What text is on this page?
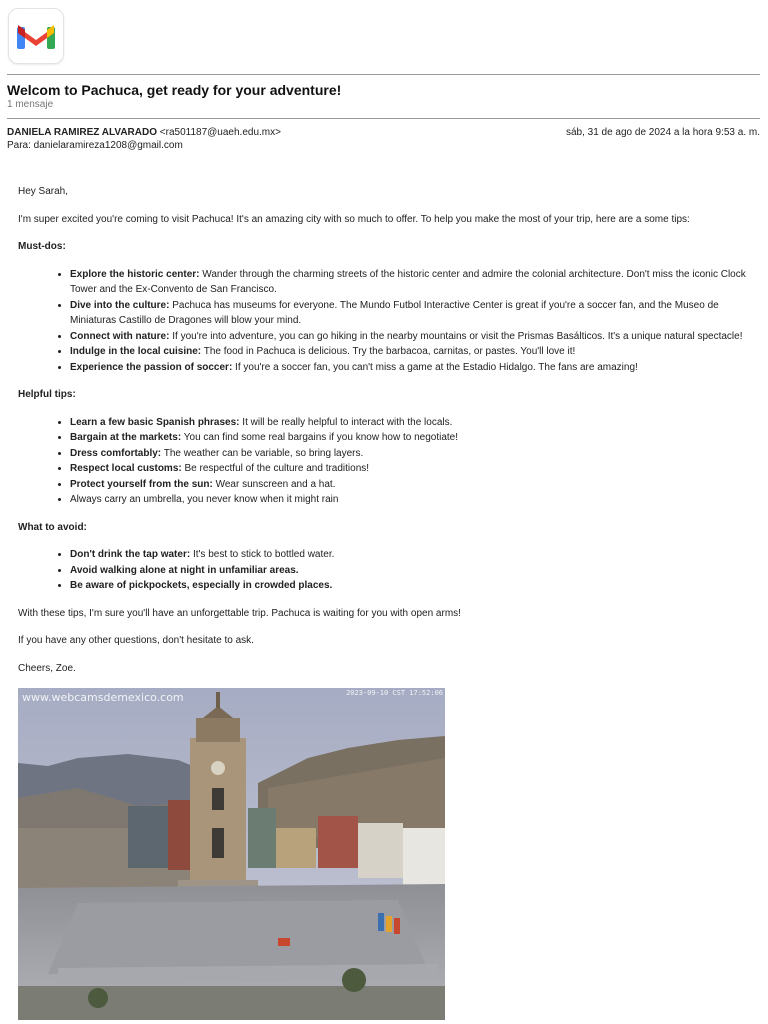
Welcom to Pachuca, get ready for your adventure!
1 mensaje
DANIELA RAMIREZ ALVARADO <ra501187@uaeh.edu.mx>	sáb, 31 de ago de 2024 a la hora 9:53 a. m.
Para: danielaramireza1208@gmail.com

Hey Sarah,

I'm super excited you're coming to visit Pachuca! It's an amazing city with so much to offer. To help you make the most of your trip, here are a some tips:

Must-dos:
• Explore the historic center: Wander through the charming streets of the historic center and admire the colonial architecture. Don't miss the iconic Clock Tower and the Ex-Convento de San Francisco.
• Dive into the culture: Pachuca has museums for everyone. The Mundo Futbol Interactive Center is great if you're a soccer fan, and the Museo de Miniaturas Castillo de Dragones will blow your mind.
• Connect with nature: If you're into adventure, you can go hiking in the nearby mountains or visit the Prismas Basálticos. It's a unique natural spectacle!
• Indulge in the local cuisine: The food in Pachuca is delicious. Try the barbacoa, carnitas, or pastes. You'll love it!
• Experience the passion of soccer: If you're a soccer fan, you can't miss a game at the Estadio Hidalgo. The fans are amazing!
Helpful tips:
• Learn a few basic Spanish phrases: It will be really helpful to interact with the locals.
• Bargain at the markets: You can find some real bargains if you know how to negotiate!
• Dress comfortably: The weather can be variable, so bring layers.
• Respect local customs: Be respectful of the culture and traditions!
• Protect yourself from the sun: Wear sunscreen and a hat.
• Always carry an umbrella, you never know when it might rain
What to avoid:
• Don't drink the tap water: It's best to stick to bottled water.
• Avoid walking alone at night in unfamiliar areas.
• Be aware of pickpockets, especially in crowded places.

With these tips, I'm sure you'll have an unforgettable trip. Pachuca is waiting for you with open arms!

If you have any other questions, don't hesitate to ask.

Cheers, Zoe.

www.webcamsdemexico.com	2023-09-10 CST 17:52:06
